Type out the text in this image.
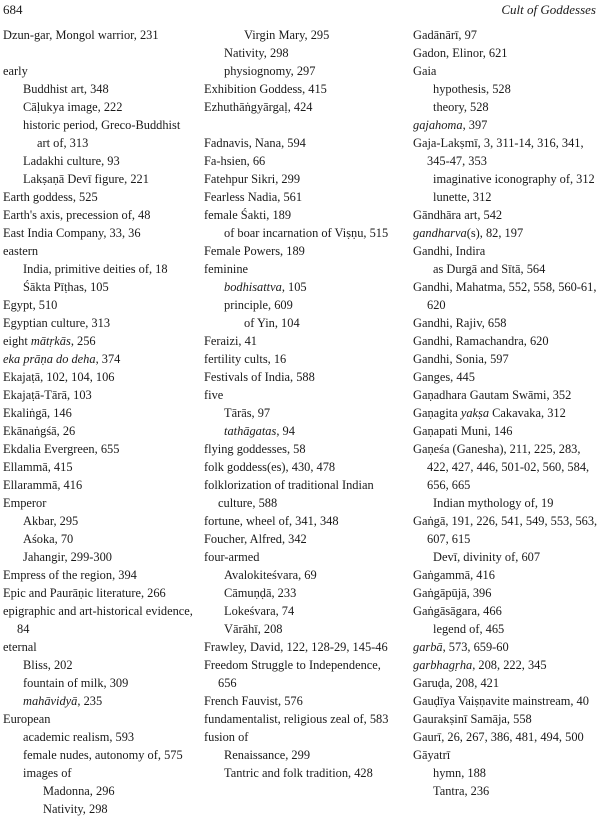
684	Cult of Goddesses
Dzun-gar, Mongol warrior, 231
early
Buddhist art, 348
Cāḷukya image, 222
historic period, Greco-Buddhist art of, 313
Ladakhi culture, 93
Lakṣaṇā Devī figure, 221
Earth goddess, 525
Earth's axis, precession of, 48
East India Company, 33, 36
eastern
India, primitive deities of, 18
Śākta Pīṭhas, 105
Egypt, 510
Egyptian culture, 313
eight mātṛkās, 256
eka prāṇa do deha, 374
Ekajaṭā, 102, 104, 106
Ekajaṭā-Tārā, 103
Ekaliṅgā, 146
Ekānaṅgśā, 26
Ekdalia Evergreen, 655
Ellammā, 415
Ellarammā, 416
Emperor
Akbar, 295
Aśoka, 70
Jahangir, 299-300
Empress of the region, 394
Epic and Paurāṇic literature, 266
epigraphic and art-historical evidence, 84
eternal
Bliss, 202
fountain of milk, 309
mahāvidyā, 235
European
academic realism, 593
female nudes, autonomy of, 575
images of
Madonna, 296
Nativity, 298
Virgin Mary, 295
Nativity, 298
physiognomy, 297
Exhibition Goddess, 415
Ezhuthāṅgyārgaḷ, 424
Fadnavis, Nana, 594
Fa-hsien, 66
Fatehpur Sikri, 299
Fearless Nadia, 561
female Śakti, 189
of boar incarnation of Viṣṇu, 515
Female Powers, 189
feminine
bodhisattva, 105
principle, 609
of Yin, 104
Feraizi, 41
fertility cults, 16
Festivals of India, 588
five
Tārās, 97
tathāgatas, 94
flying goddesses, 58
folk goddess(es), 430, 478
folklorization of traditional Indian culture, 588
fortune, wheel of, 341, 348
Foucher, Alfred, 342
four-armed
Avalokiteśvara, 69
Cāmuṇḍā, 233
Lokeśvara, 74
Vārāhī, 208
Frawley, David, 122, 128-29, 145-46
Freedom Struggle to Independence, 656
French Fauvist, 576
fundamentalist, religious zeal of, 583
fusion of
Renaissance, 299
Tantric and folk tradition, 428
Gadānārī, 97
Gadon, Elinor, 621
Gaia
hypothesis, 528
theory, 528
gajahoma, 397
Gaja-Lakṣmī, 3, 311-14, 316, 341, 345-47, 353
imaginative iconography of, 312
lunette, 312
Gāndhāra art, 542
gandharva(s), 82, 197
Gandhi, Indira
as Durgā and Sītā, 564
Gandhi, Mahatma, 552, 558, 560-61, 620
Gandhi, Rajiv, 658
Gandhi, Ramachandra, 620
Gandhi, Sonia, 597
Ganges, 445
Gaṇadhara Gautam Swāmi, 352
Gaṇagita yakṣa Cakavaka, 312
Gaṇapati Muni, 146
Gaṇeśa (Ganesha), 211, 225, 283, 422, 427, 446, 501-02, 560, 584, 656, 665
Indian mythology of, 19
Gaṅgā, 191, 226, 541, 549, 553, 563, 607, 615
Devī, divinity of, 607
Gaṅgammā, 416
Gaṅgāpūjā, 396
Gaṅgāsāgara, 466
legend of, 465
garbā, 573, 659-60
garbhagṛha, 208, 222, 345
Garuḍa, 208, 421
Gauḍīya Vaiṣṇavite mainstream, 40
Gaurakṣinī Samāja, 558
Gaurī, 26, 267, 386, 481, 494, 500
Gāyatrī
hymn, 188
Tantra, 236
